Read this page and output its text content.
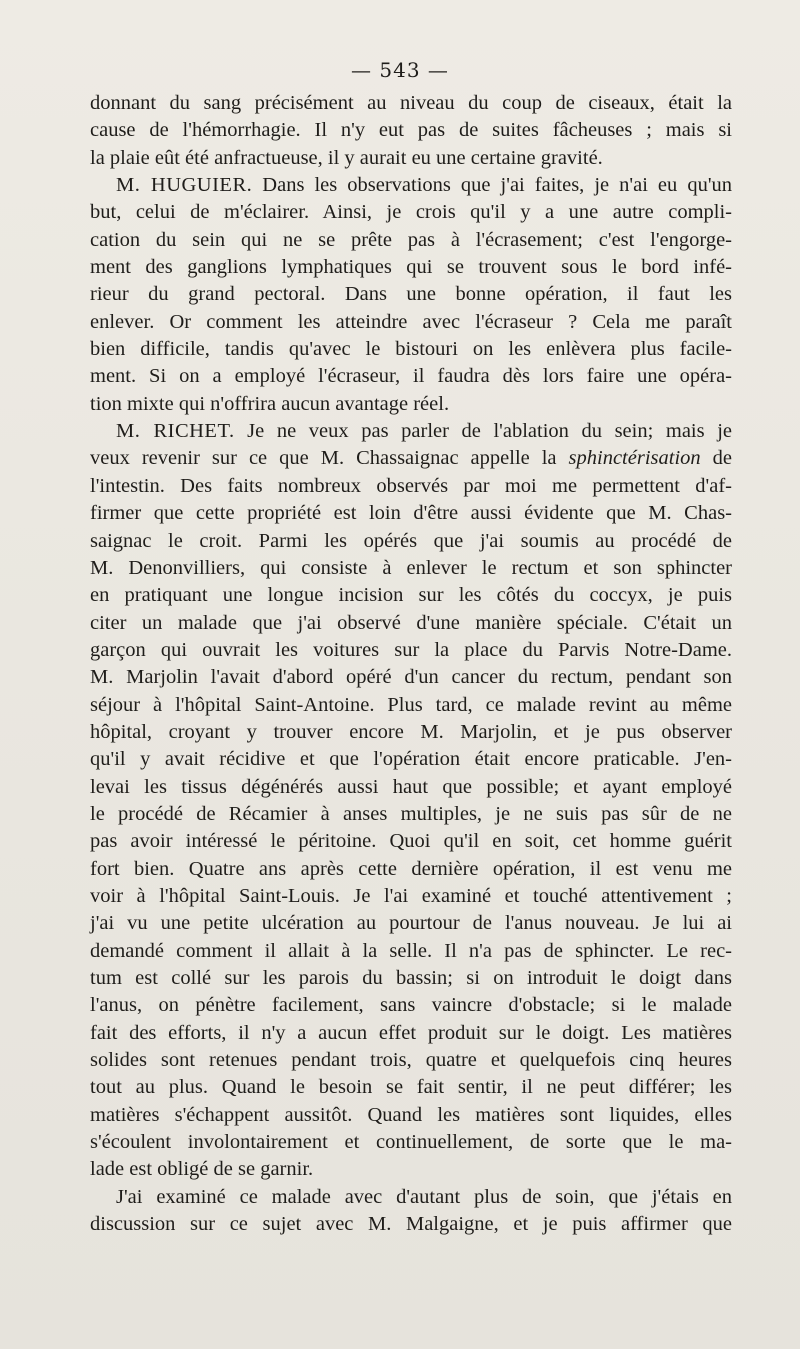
— 543 —
donnant du sang précisément au niveau du coup de ciseaux, était la
cause de l'hémorrhagie. Il n'y eut pas de suites fâcheuses ; mais si
la plaie eût été anfractueuse, il y aurait eu une certaine gravité.
M. HUGUIER. Dans les observations que j'ai faites, je n'ai eu qu'un
but, celui de m'éclairer. Ainsi, je crois qu'il y a une autre compli-
cation du sein qui ne se prête pas à l'écrasement; c'est l'engorge-
ment des ganglions lymphatiques qui se trouvent sous le bord infé-
rieur du grand pectoral. Dans une bonne opération, il faut les
enlever. Or comment les atteindre avec l'écraseur ? Cela me paraît
bien difficile, tandis qu'avec le bistouri on les enlèvera plus facile-
ment. Si on a employé l'écraseur, il faudra dès lors faire une opéra-
tion mixte qui n'offrira aucun avantage réel.
M. RICHET. Je ne veux pas parler de l'ablation du sein; mais je
veux revenir sur ce que M. Chassaignac appelle la sphinctérisation de
l'intestin. Des faits nombreux observés par moi me permettent d'af-
firmer que cette propriété est loin d'être aussi évidente que M. Chas-
saignac le croit. Parmi les opérés que j'ai soumis au procédé de
M. Denonvilliers, qui consiste à enlever le rectum et son sphincter
en pratiquant une longue incision sur les côtés du coccyx, je puis
citer un malade que j'ai observé d'une manière spéciale. C'était un
garçon qui ouvrait les voitures sur la place du Parvis Notre-Dame.
M. Marjolin l'avait d'abord opéré d'un cancer du rectum, pendant son
séjour à l'hôpital Saint-Antoine. Plus tard, ce malade revint au même
hôpital, croyant y trouver encore M. Marjolin, et je pus observer
qu'il y avait récidive et que l'opération était encore praticable. J'en-
levai les tissus dégénérés aussi haut que possible; et ayant employé
le procédé de Récamier à anses multiples, je ne suis pas sûr de ne
pas avoir intéressé le péritoine. Quoi qu'il en soit, cet homme guérit
fort bien. Quatre ans après cette dernière opération, il est venu me
voir à l'hôpital Saint-Louis. Je l'ai examiné et touché attentivement ;
j'ai vu une petite ulcération au pourtour de l'anus nouveau. Je lui ai
demandé comment il allait à la selle. Il n'a pas de sphincter. Le rec-
tum est collé sur les parois du bassin; si on introduit le doigt dans
l'anus, on pénètre facilement, sans vaincre d'obstacle; si le malade
fait des efforts, il n'y a aucun effet produit sur le doigt. Les matières
solides sont retenues pendant trois, quatre et quelquefois cinq heures
tout au plus. Quand le besoin se fait sentir, il ne peut différer; les
matières s'échappent aussitôt. Quand les matières sont liquides, elles
s'écoulent involontairement et continuellement, de sorte que le ma-
lade est obligé de se garnir.
J'ai examiné ce malade avec d'autant plus de soin, que j'étais en
discussion sur ce sujet avec M. Malgaigne, et je puis affirmer que
